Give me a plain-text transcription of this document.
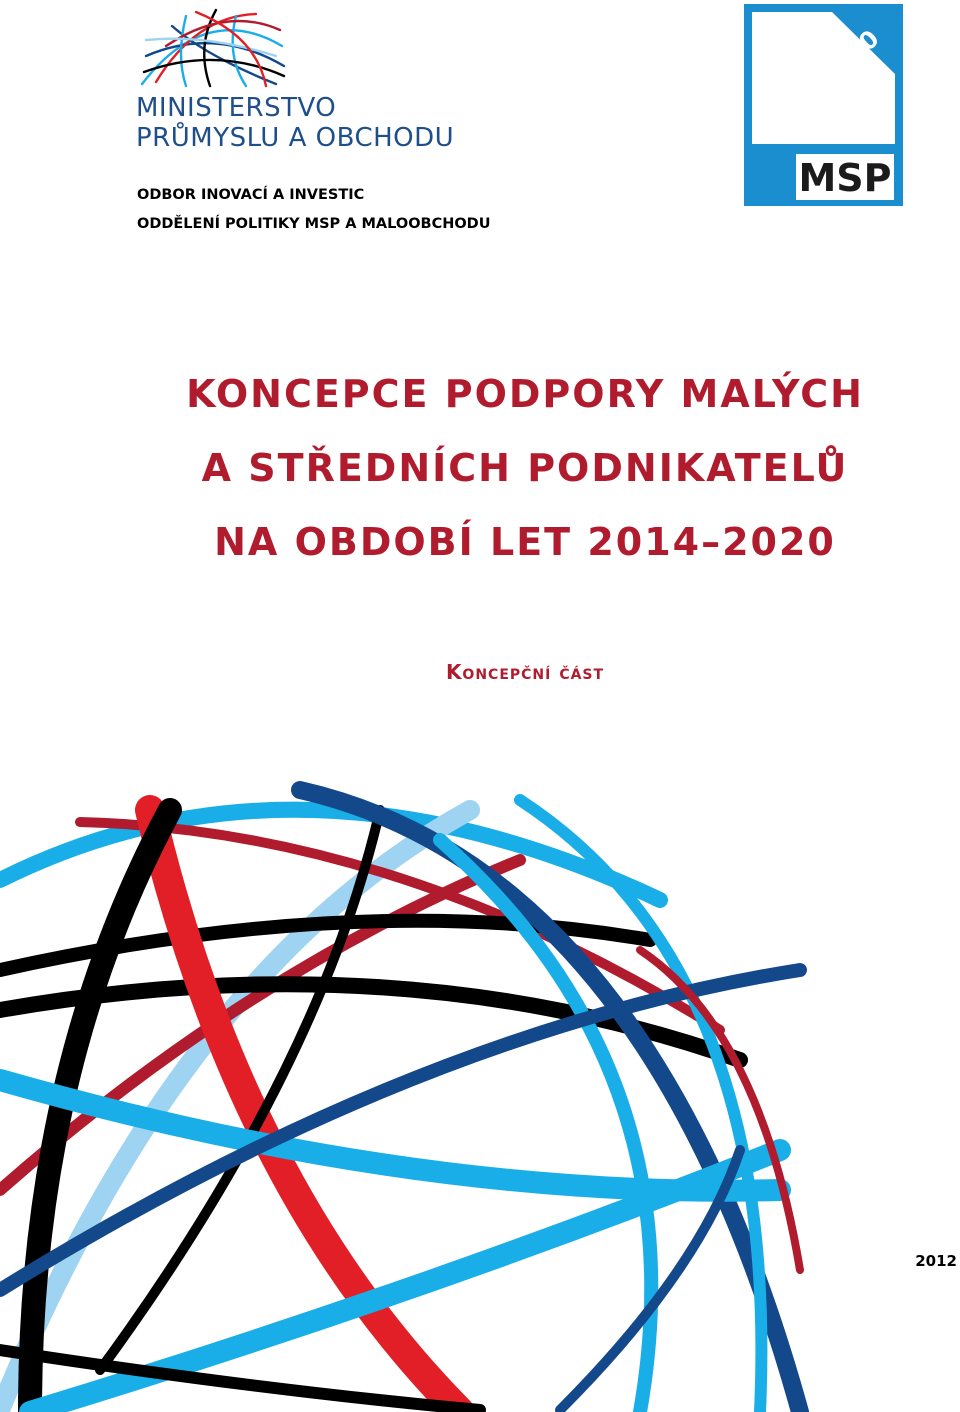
MINISTERSTVO
PRŮMYSLU A OBCHODU	2014–2020
MSP
ODBOR INOVACÍ A INVESTIC
ODDĚLENÍ POLITIKY MSP A MALOOBCHODU
KONCEPCE PODPORY MALÝCH
A STŘEDNÍCH PODNIKATELŮ
NA OBDOBÍ LET 2014–2020
Koncepční část
2012
